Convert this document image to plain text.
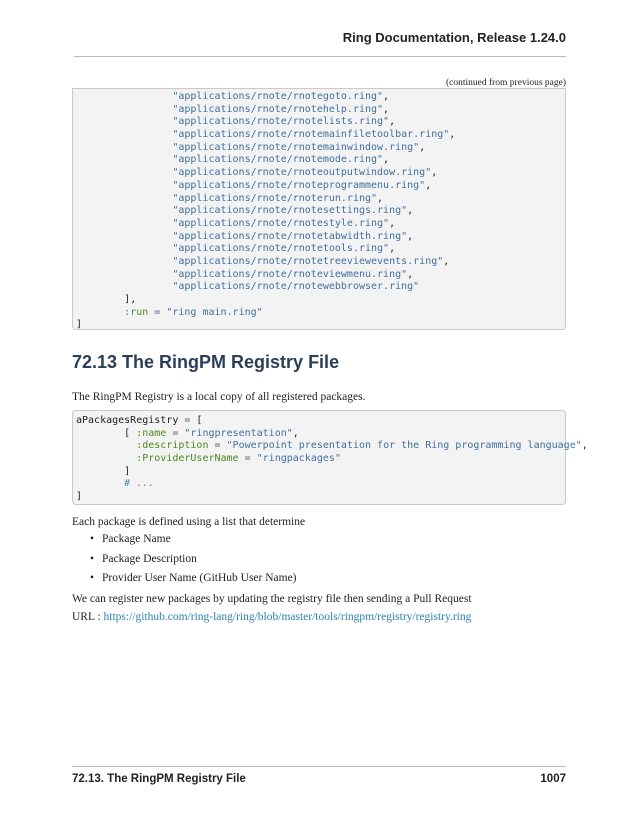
Ring Documentation, Release 1.24.0
(continued from previous page)
"applications/rnote/rnotegoto.ring",
"applications/rnote/rnotehelp.ring",
"applications/rnote/rnotelists.ring",
"applications/rnote/rnotemainfiletoolbar.ring",
"applications/rnote/rnotemainwindow.ring",
"applications/rnote/rnotemode.ring",
"applications/rnote/rnoteoutputwindow.ring",
"applications/rnote/rnoteprogrammenu.ring",
"applications/rnote/rnoterun.ring",
"applications/rnote/rnotesettings.ring",
"applications/rnote/rnotestyle.ring",
"applications/rnote/rnotetabwidth.ring",
"applications/rnote/rnotetools.ring",
"applications/rnote/rnotetreeviewevents.ring",
"applications/rnote/rnoteviewmenu.ring",
"applications/rnote/rnotewebbrowser.ring"
],
:run = "ring main.ring"
]
72.13 The RingPM Registry File

The RingPM Registry is a local copy of all registered packages.

aPackagesRegistry = [
[ :name = "ringpresentation",
:description = "Powerpoint presentation for the Ring programming language",
:ProviderUserName = "ringpackages"
]
# ...
]

Each package is defined using a list that determine

• Package Name
• Package Description
• Provider User Name (GitHub User Name)

We can register new packages by updating the registry file then sending a Pull Request

URL : https://github.com/ring-lang/ring/blob/master/tools/ringpm/registry/registry.ring

72.13. The RingPM Registry File	1007
